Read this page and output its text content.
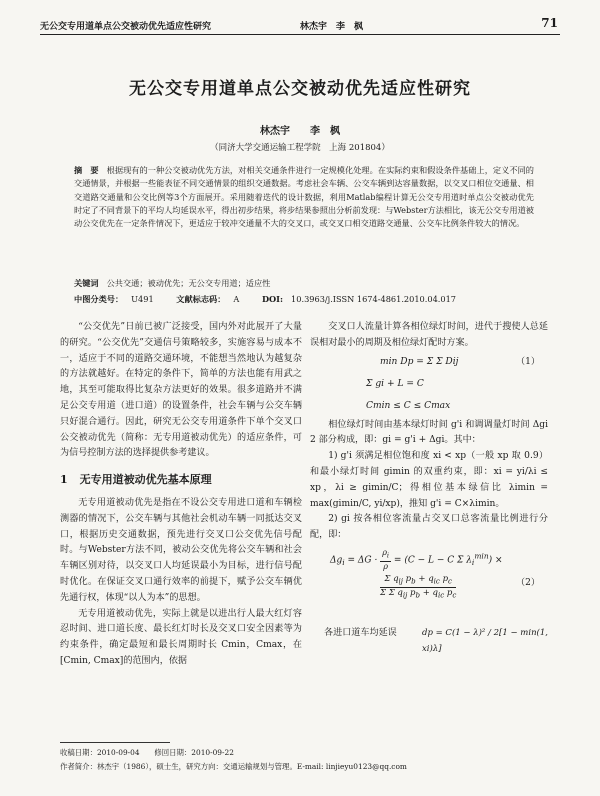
无公交专用道单点公交被动优先适应性研究	林杰宇　李　枫	71
无公交专用道单点公交被动优先适应性研究
林杰宇　　李　枫
（同济大学交通运输工程学院　上海 201804）
摘　要 根据现有的一种公交被动优先方法，对相关交通条件进行一定规模化处理。在实际约束和假设条件基础上，定义不同的交通情景，并根据一些能表征不同交通情景的组织交通数据。考虑社会车辆、公交车辆到达容量数据，以交叉口相位交通量、相交道路交通量和公交比例等3个方面展开。采用随着迭代的设计数据，利用Matlab编程计算无公交专用道时单点公交被动优先时定了不同背景下的平均人均延误水平，得出初步结果，将步结果参照出分析前发现：与Webster方法相比，该无公交专用道被动公交优先在一定条件情况下，更适应于较冲交通量不大的交叉口，或交叉口相交道路交通量、公交车比例条件较大的情况。
关键词 公共交通；被动优先；无公交专用道；适应性
中图分类号： U491	文献标志码： A	DOI: 10.3963/j.ISSN 1674-4861.2010.04.017

“公交优先”日前已被广泛接受，国内外对此展开了大量的研究。“公交优先”交通信号策略较多，实施容易与成本不一，适应于不同的道路交通环境，不能想当然地认为越复杂的方法就越好。在特定的条件下，简单的方法也能有用武之地，其至可能取得比复杂方法更好的效果。很多道路并不满足公交专用道（进口道）的设置条件，社会车辆与公交车辆只好混合通行。因此，研究无公交专用道条件下单个交叉口公交被动优先（简称：无专用道被动优先）的适应条件，可为信号控制方法的选择提供参考建议。

1 无专用道被动优先基本原理

无专用道被动优先是指在不设公交专用进口道和车辆检测器的情况下，公交车辆与其他社会机动车辆一同抵达交叉口，根据历史交通数据，预先进行交叉口公交优先信号配时。与Webster方法不同，被动公交优先将公交车辆和社会车辆区别对待，以交叉口人均延误最小为目标，进行信号配时优化。在保证交叉口通行效率的前提下，赋予公交车辆优先通行权，体现“以人为本”的思想。

无专用道被动优先，实际上就是以进出行人最大红灯容忍时间、进口道长度、最长红灯时长及交叉口安全因素等为约束条件，确定最短和最长周期时长 Cmin，Cmax，在[Cmin, Cmax]的范围内，依据

交叉口人流量计算各相位绿灯时间，进代于搜使人总延误相对最小的周期及相位绿灯配时方案。

min Dp = Σ Σ Dij	（1）
Σ gi + L = C
Cmin ≤ C ≤ Cmax

相位绿灯时间由基本绿灯时间 g'i 和调调量灯时间 Δgi 2 部分构成，即：gi = g'i + Δgi。其中：

1) g'i 须满足相位饱和度 xi < xp（一般 xp 取 0.9）和最小绿灯时间 gimin 的双重约束，即：xi = yi/λi ≤ xp，λi ≥ gimin/C；得相位基本绿信比 λimin = max(gimin/C, yi/xp)，推知 g'i = C×λimin。

2) gi 按各相位客流量占交叉口总客流量比例进行分配，即：

$\Delta g_i = \Delta G \cdot \frac{\rho_i}{\rho} = (C - L - C$ Σ $\lambda_i^{min}$) ×
$\frac{\Sigma q_{ij} p_b + q_{ic} p_c}{\Sigma \Sigma q_{ij} p_b + q_{ic} p_c}$	（2）
各进口道车均延误	dp = C(1 − λ)² / 2[1 − min(1, xi)λ]
收稿日期：2010-09-04　　修回日期：2010-09-22
作者简介：林杰宇（1986），硕士生，研究方向：交通运输规划与管理。E-mail: linjieyu0123@qq.com
